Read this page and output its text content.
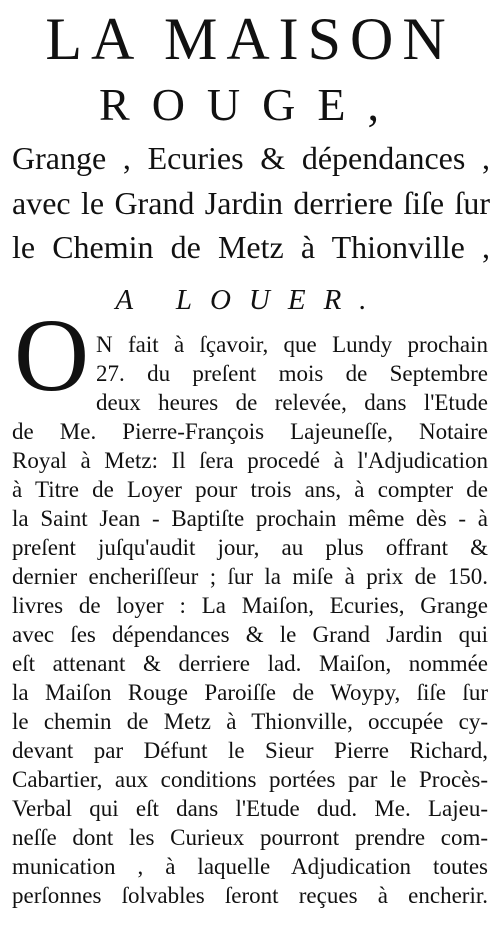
LA MAISON
ROUGE,
Grange , Ecuries & dépendances ,
avec le Grand Jardin derriere ſiſe ſur
le Chemin de Metz à Thionville ,
A LOUER.
O N fait à ſçavoir, que Lundy prochain
27. du preſent mois de Septembre
deux heures de relevée, dans l'Etude
de Me. Pierre-François Lajeuneſſe, Notaire
Royal à Metz: Il ſera procedé à l'Adjudication
à Titre de Loyer pour trois ans, à compter de
la Saint Jean - Baptiſte prochain même dès - à
preſent juſqu'audit jour, au plus offrant &
dernier encheriſſeur ; ſur la miſe à prix de 150.
livres de loyer : La Maiſon, Ecuries, Grange
avec ſes dépendances & le Grand Jardin qui
eſt attenant & derriere lad. Maiſon, nommée
la Maiſon Rouge Paroiſſe de Woypy, ſiſe ſur
le chemin de Metz à Thionville, occupée cy-
devant par Défunt le Sieur Pierre Richard,
Cabartier, aux conditions portées par le Procès-
Verbal qui eſt dans l'Etude dud. Me. Lajeu-
neſſe dont les Curieux pourront prendre com-
munication , à laquelle Adjudication toutes
perſonnes ſolvables ſeront reçues à encherir.
